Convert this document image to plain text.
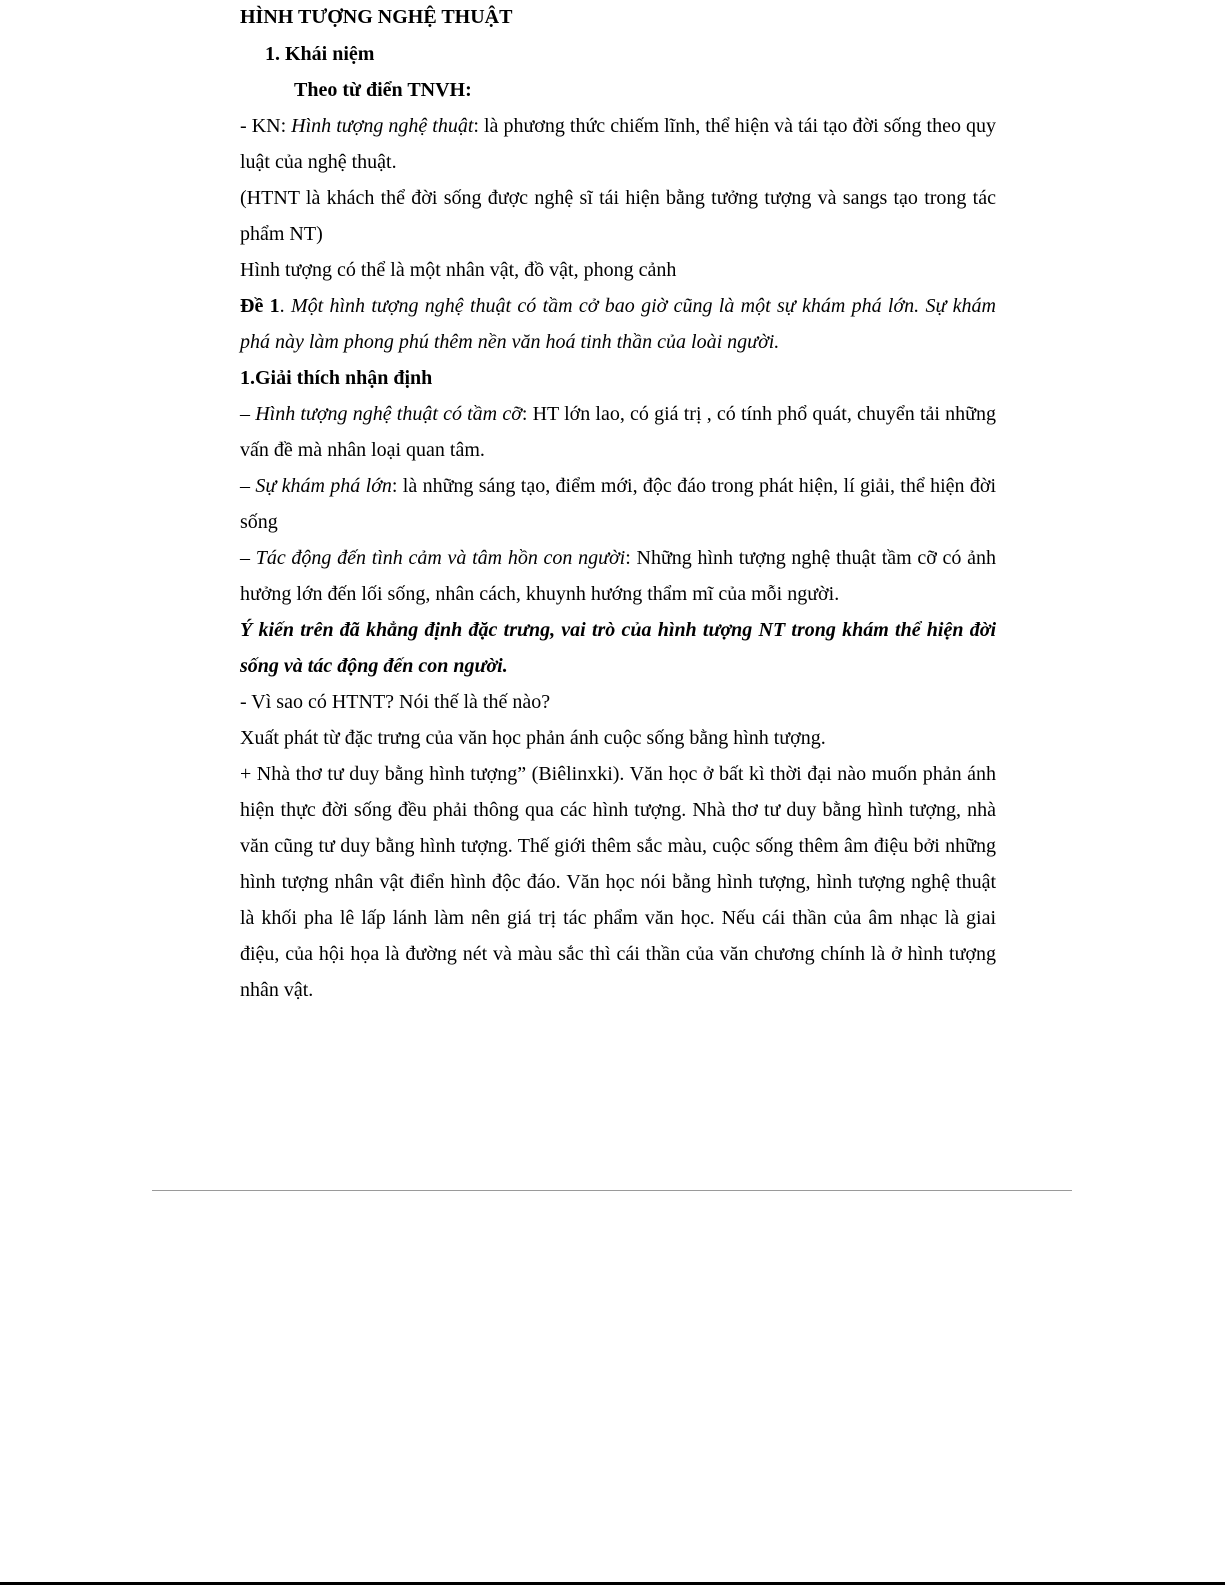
HÌNH TƯỢNG NGHỆ THUẬT

1. Khái niệm

Theo từ điển TNVH:

- KN: Hình tượng nghệ thuật: là phương thức chiếm lĩnh, thể hiện và tái tạo đời sống theo quy luật của nghệ thuật.

(HTNT là khách thể đời sống được nghệ sĩ tái hiện bằng tưởng tượng và sangs tạo trong tác phẩm NT)

Hình tượng có thể là một nhân vật, đồ vật, phong cảnh

Đề 1. Một hình tượng nghệ thuật có tầm cở bao giờ cũng là một sự khám phá lớn. Sự khám phá này làm phong phú thêm nền văn hoá tinh thần của loài người.

1.Giải thích nhận định

– Hình tượng nghệ thuật có tầm cỡ: HT lớn lao, có giá trị , có tính phổ quát, chuyển tải những vấn đề mà nhân loại quan tâm.

– Sự khám phá lớn: là những sáng tạo, điểm mới, độc đáo trong phát hiện, lí giải, thể hiện đời sống

– Tác động đến tình cảm và tâm hồn con người: Những hình tượng nghệ thuật tầm cỡ có ảnh hưởng lớn đến lối sống, nhân cách, khuynh hướng thẩm mĩ của mỗi người.

Ý kiến trên đã khẳng định đặc trưng, vai trò của hình tượng NT trong khám thể hiện đời sống và tác động đến con người.

- Vì sao có HTNT? Nói thế là thế nào?

Xuất phát từ đặc trưng của văn học phản ánh cuộc sống bằng hình tượng.

+ Nhà thơ tư duy bằng hình tượng” (Biêlinxki). Văn học ở bất kì thời đại nào muốn phản ánh hiện thực đời sống đều phải thông qua các hình tượng. Nhà thơ tư duy bằng hình tượng, nhà văn cũng tư duy bằng hình tượng. Thế giới thêm sắc màu, cuộc sống thêm âm điệu bởi những hình tượng nhân vật điển hình độc đáo. Văn học nói bằng hình tượng, hình tượng nghệ thuật là khối pha lê lấp lánh làm nên giá trị tác phẩm văn học. Nếu cái thần của âm nhạc là giai điệu, của hội họa là đường nét và màu sắc thì cái thần của văn chương chính là ở hình tượng nhân vật.
